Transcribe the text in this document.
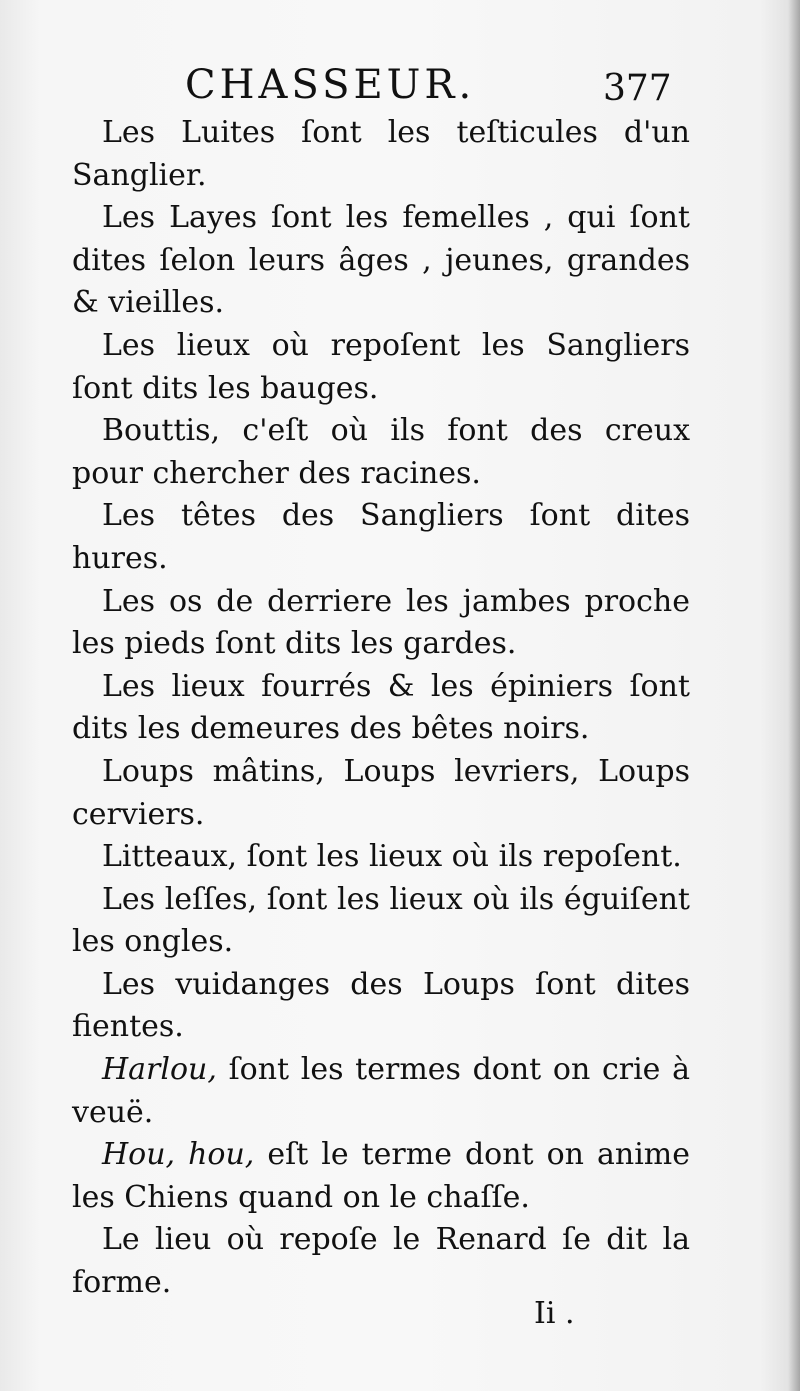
CHASSEUR.	377

Les Luites ſont les teſticules d'un Sanglier.

Les Layes ſont les femelles , qui ſont dites ſelon leurs âges , jeunes, grandes & vieilles.

Les lieux où repoſent les Sangliers ſont dits les bauges.

Bouttis, c'eſt où ils font des creux pour chercher des racines.

Les têtes des Sangliers ſont dites hures.

Les os de derriere les jambes proche les pieds ſont dits les gardes.

Les lieux fourrés & les épiniers ſont dits les demeures des bêtes noirs.

Loups mâtins, Loups levriers, Loups cerviers.

Litteaux, ſont les lieux où ils repoſent.

Les leſſes, ſont les lieux où ils éguiſent les ongles.

Les vuidanges des Loups ſont dites fientes.

Harlou, ſont les termes dont on crie à veuë.

Hou, hou, eſt le terme dont on anime les Chiens quand on le chaſſe.

Le lieu où repoſe le Renard ſe dit la forme.

Ii .
